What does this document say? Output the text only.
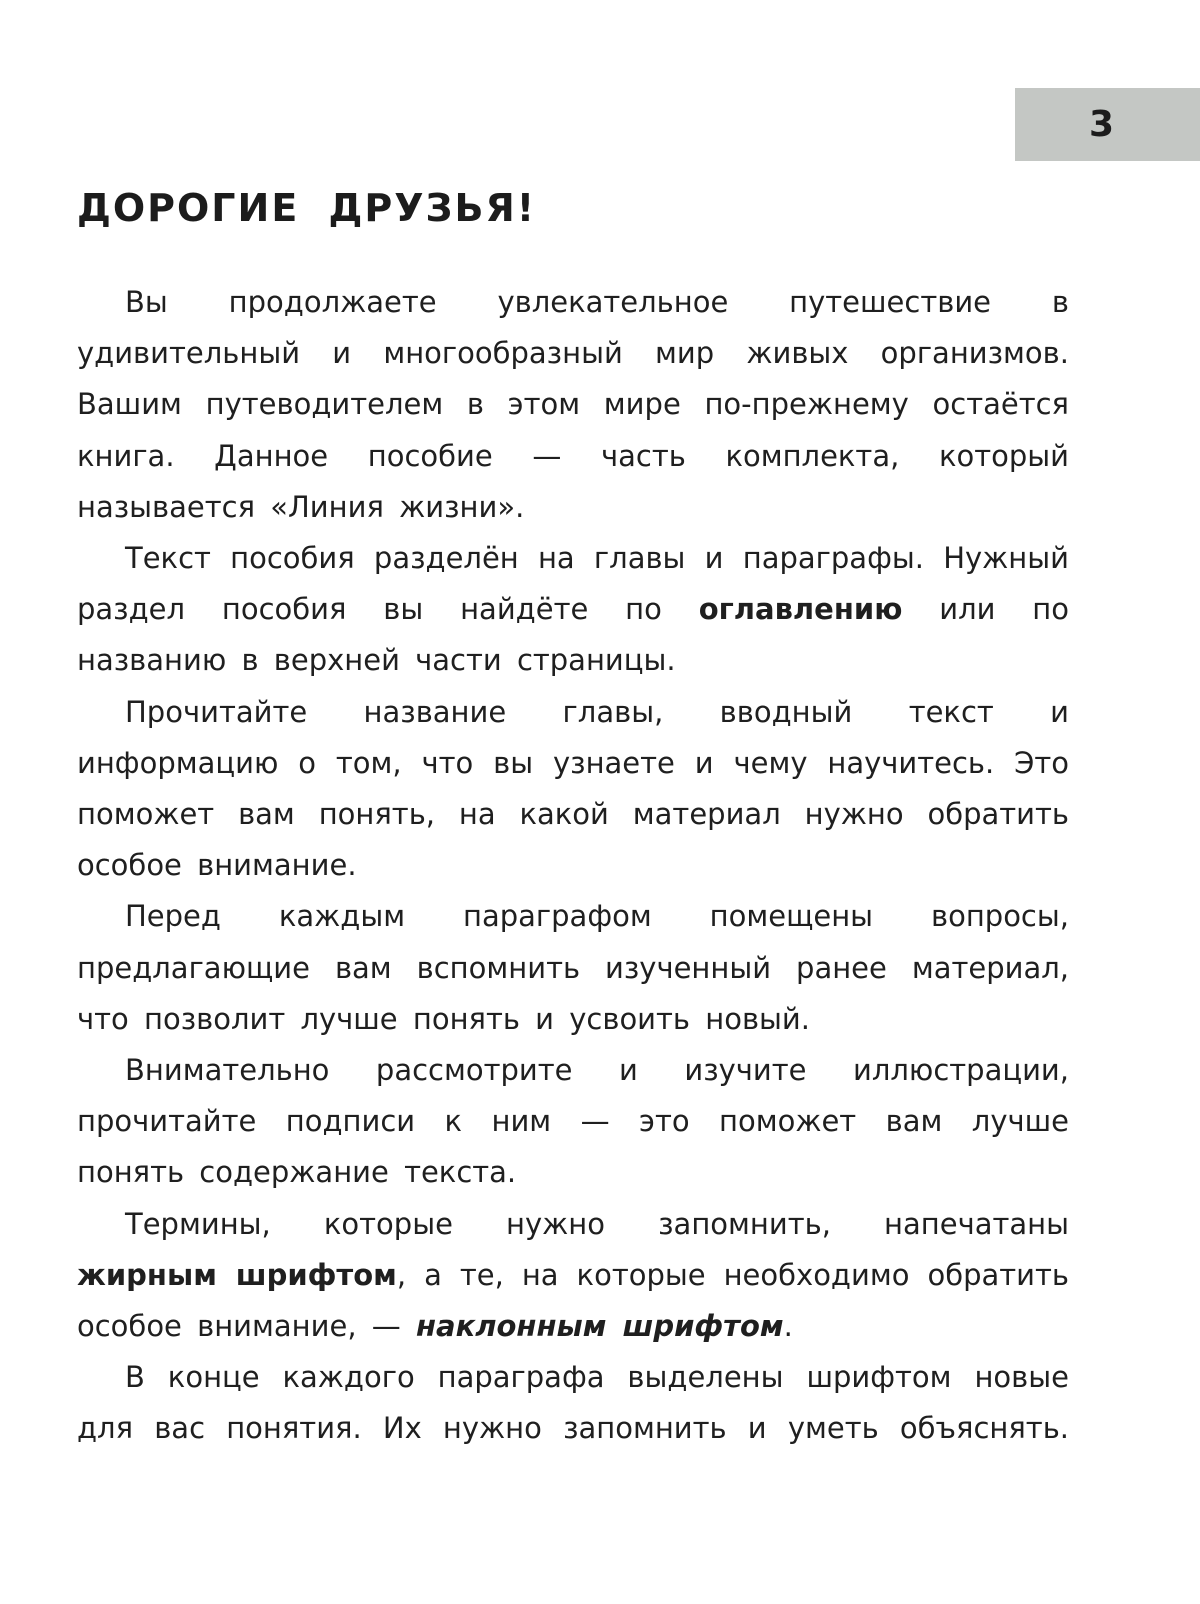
3
ДОРОГИЕ ДРУЗЬЯ!

Вы продолжаете увлекательное путешествие в удивительный и многообразный мир живых организмов. Вашим путеводителем в этом мире по-прежнему остаётся книга. Данное пособие — часть комплекта, который называется «Линия жизни».

Текст пособия разделён на главы и параграфы. Нужный раздел пособия вы найдёте по оглавлению или по названию в верхней части страницы.

Прочитайте название главы, вводный текст и информацию о том, что вы узнаете и чему научитесь. Это поможет вам понять, на какой материал нужно обратить особое внимание.

Перед каждым параграфом помещены вопросы, предлагающие вам вспомнить изученный ранее материал, что позволит лучше понять и усвоить новый.

Внимательно рассмотрите и изучите иллюстрации, прочитайте подписи к ним — это поможет вам лучше понять содержание текста.

Термины, которые нужно запомнить, напечатаны жирным шрифтом, а те, на которые необходимо обратить особое внимание, — наклонным шрифтом.

В конце каждого параграфа выделены шрифтом новые для вас понятия. Их нужно запомнить и уметь объяснять.
